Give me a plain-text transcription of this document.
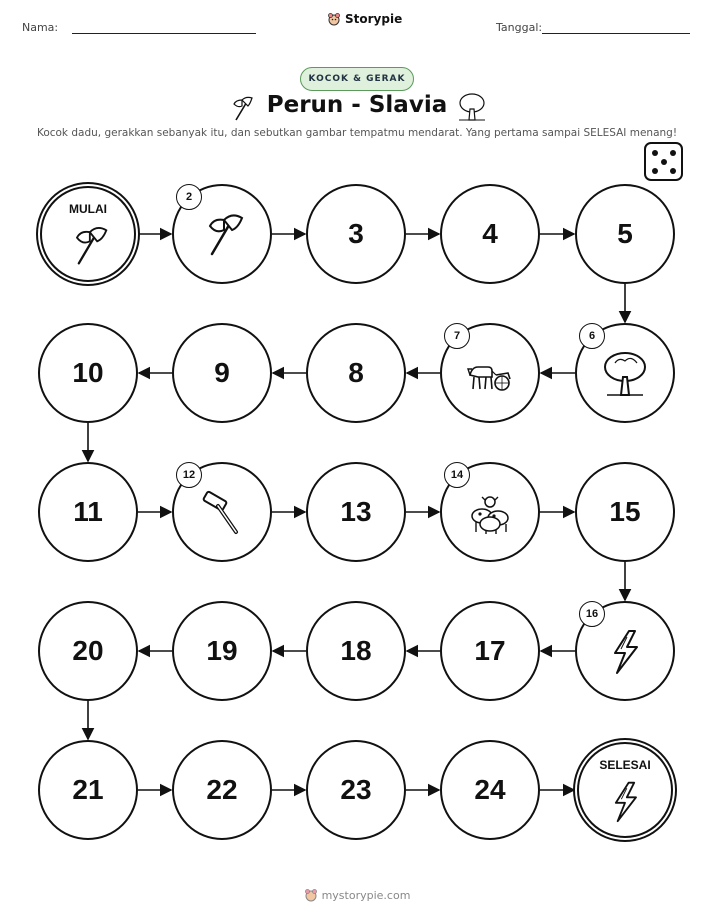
Nama:
Storypie
Tanggal:
KOCOK & GERAK
Perun - Slavia
Kocok dadu, gerakkan sebanyak itu, dan sebutkan gambar tempatmu mendarat. Yang pertama sampai SELESAI menang!
MULAI
2
3	4	5
6
7
8
9
10
11
12
13
14
15
16
17
18
19
20
21	22	23	24
SELESAI
mystorypie.com
